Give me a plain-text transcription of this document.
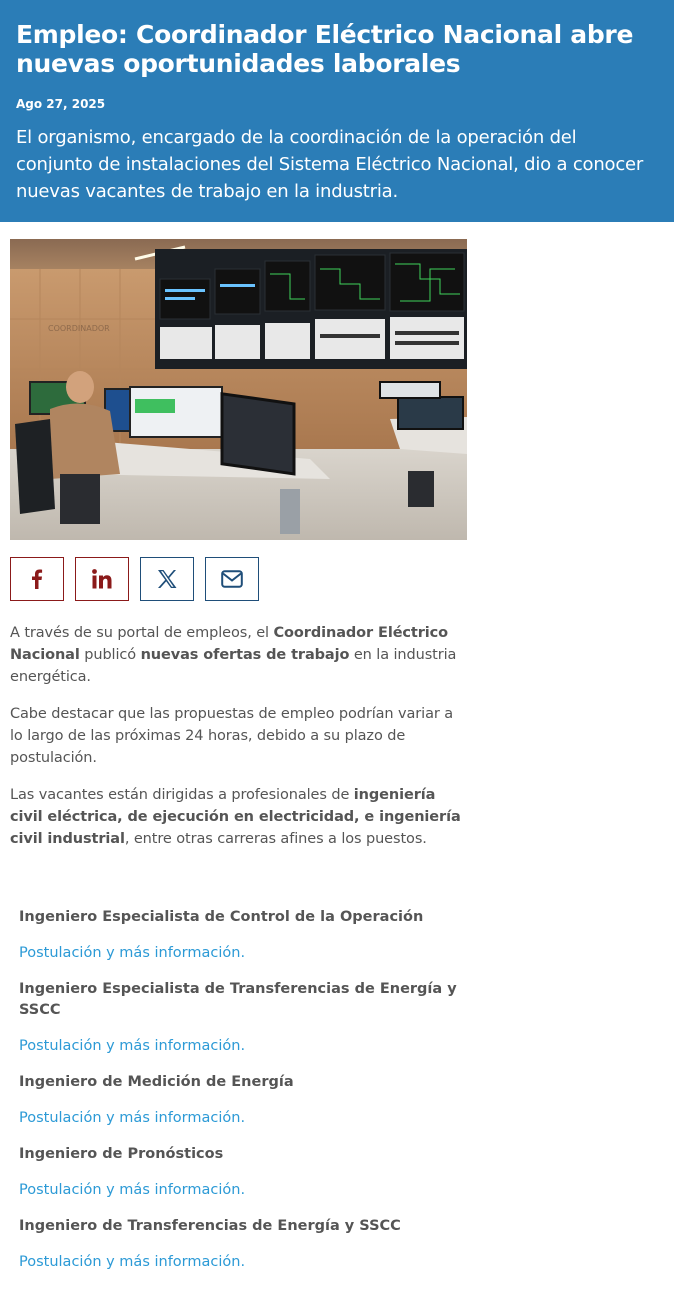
Empleo: Coordinador Eléctrico Nacional abre nuevas oportunidades laborales
Ago 27, 2025
El organismo, encargado de la coordinación de la operación del conjunto de instalaciones del Sistema Eléctrico Nacional, dio a conocer nuevas vacantes de trabajo en la industria.
COORDINADOR

A través de su portal de empleos, el Coordinador Eléctrico Nacional publicó nuevas ofertas de trabajo en la industria energética.

Cabe destacar que las propuestas de empleo podrían variar a lo largo de las próximas 24 horas, debido a su plazo de postulación.

Las vacantes están dirigidas a profesionales de ingeniería civil eléctrica, de ejecución en electricidad, e ingeniería civil industrial, entre otras carreras afines a los puestos.

Ingeniero Especialista de Control de la Operación
Postulación y más información.
Ingeniero Especialista de Transferencias de Energía y SSCC
Postulación y más información.
Ingeniero de Medición de Energía
Postulación y más información.
Ingeniero de Pronósticos
Postulación y más información.
Ingeniero de Transferencias de Energía y SSCC
Postulación y más información.
